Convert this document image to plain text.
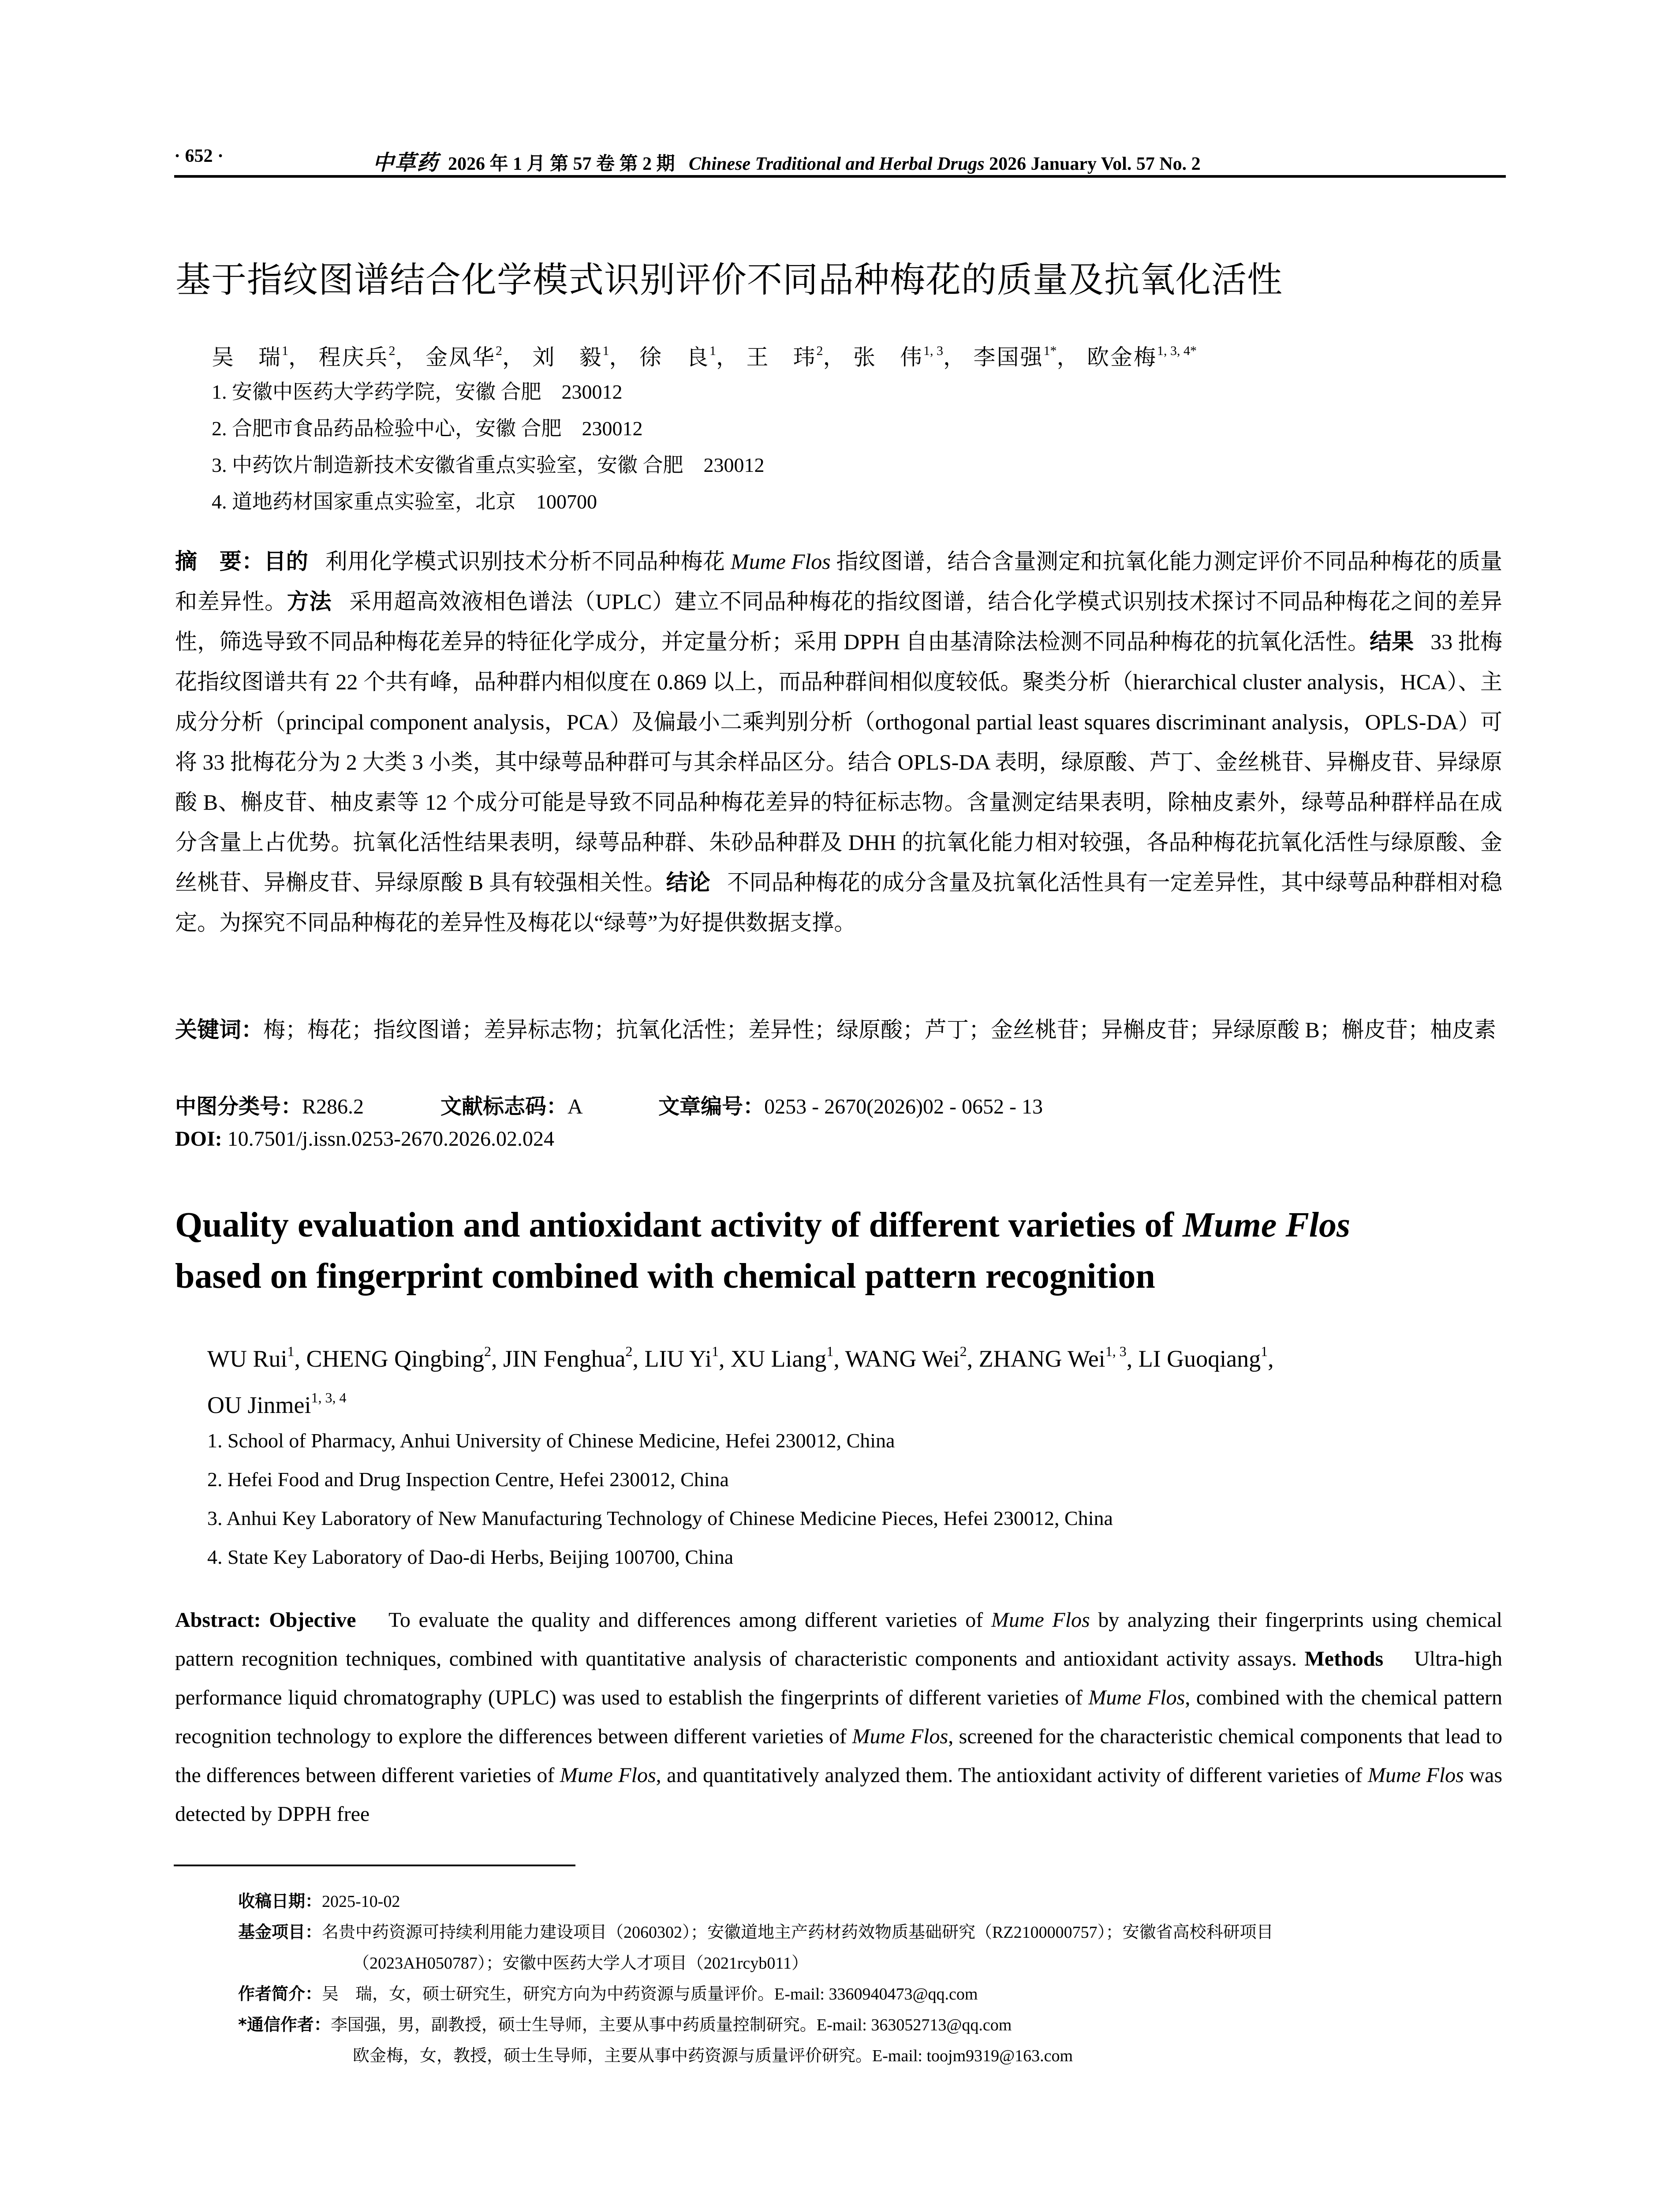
· 652 ·	中草药 2026 年 1 月 第 57 卷 第 2 期 Chinese Traditional and Herbal Drugs 2026 January Vol. 57 No. 2
基于指纹图谱结合化学模式识别评价不同品种梅花的质量及抗氧化活性
吴　瑞$^1$， 程庆兵$^2$， 金凤华$^2$， 刘　毅$^1$， 徐　良$^1$， 王　玮$^2$， 张　伟$^{1, 3}$， 李国强$^{1*}$， 欧金梅$^{1, 3, 4*}$
1. 安徽中医药大学药学院，安徽 合肥　230012
2. 合肥市食品药品检验中心，安徽 合肥　230012
3. 中药饮片制造新技术安徽省重点实验室，安徽 合肥　230012
4. 道地药材国家重点实验室，北京　100700
摘　要：目的 利用化学模式识别技术分析不同品种梅花 Mume Flos 指纹图谱，结合含量测定和抗氧化能力测定评价不同品种梅花的质量和差异性。方法 采用超高效液相色谱法（UPLC）建立不同品种梅花的指纹图谱，结合化学模式识别技术探讨不同品种梅花之间的差异性，筛选导致不同品种梅花差异的特征化学成分，并定量分析；采用 DPPH 自由基清除法检测不同品种梅花的抗氧化活性。结果 33 批梅花指纹图谱共有 22 个共有峰，品种群内相似度在 0.869 以上，而品种群间相似度较低。聚类分析（hierarchical cluster analysis，HCA）、主成分分析（principal component analysis，PCA）及偏最小二乘判别分析（orthogonal partial least squares discriminant analysis，OPLS-DA）可将 33 批梅花分为 2 大类 3 小类，其中绿萼品种群可与其余样品区分。结合 OPLS-DA 表明，绿原酸、芦丁、金丝桃苷、异槲皮苷、异绿原酸 B、槲皮苷、柚皮素等 12 个成分可能是导致不同品种梅花差异的特征标志物。含量测定结果表明，除柚皮素外，绿萼品种群样品在成分含量上占优势。抗氧化活性结果表明，绿萼品种群、朱砂品种群及 DHH 的抗氧化能力相对较强，各品种梅花抗氧化活性与绿原酸、金丝桃苷、异槲皮苷、异绿原酸 B 具有较强相关性。结论 不同品种梅花的成分含量及抗氧化活性具有一定差异性，其中绿萼品种群相对稳定。为探究不同品种梅花的差异性及梅花以“绿萼”为好提供数据支撑。
关键词：梅；梅花；指纹图谱；差异标志物；抗氧化活性；差异性；绿原酸；芦丁；金丝桃苷；异槲皮苷；异绿原酸 B；槲皮苷；柚皮素
中图分类号：R286.2	文献标志码：A	文章编号：0253 - 2670(2026)02 - 0652 - 13
DOI: 10.7501/j.issn.0253-2670.2026.02.024
Quality evaluation and antioxidant activity of different varieties of Mume Flos
based on fingerprint combined with chemical pattern recognition
WU Rui$^1$, CHENG Qingbing$^2$, JIN Fenghua$^2$, LIU Yi$^1$, XU Liang$^1$, WANG Wei$^2$, ZHANG Wei$^{1, 3}$, LI Guoqiang$^1$,
OU Jinmei$^{1, 3, 4}$
1. School of Pharmacy, Anhui University of Chinese Medicine, Hefei 230012, China
2. Hefei Food and Drug Inspection Centre, Hefei 230012, China
3. Anhui Key Laboratory of New Manufacturing Technology of Chinese Medicine Pieces, Hefei 230012, China
4. State Key Laboratory of Dao-di Herbs, Beijing 100700, China
Abstract: Objective To evaluate the quality and differences among different varieties of Mume Flos by analyzing their fingerprints using chemical pattern recognition techniques, combined with quantitative analysis of characteristic components and antioxidant activity assays. Methods Ultra-high performance liquid chromatography (UPLC) was used to establish the fingerprints of different varieties of Mume Flos, combined with the chemical pattern recognition technology to explore the differences between different varieties of Mume Flos, screened for the characteristic chemical components that lead to the differences between different varieties of Mume Flos, and quantitatively analyzed them. The antioxidant activity of different varieties of Mume Flos was detected by DPPH free
收稿日期：2025-10-02
基金项目：名贵中药资源可持续利用能力建设项目（2060302）；安徽道地主产药材药效物质基础研究（RZ2100000757）；安徽省高校科研项目
（2023AH050787）；安徽中医药大学人才项目（2021rcyb011）
作者简介：吴　瑞，女，硕士研究生，研究方向为中药资源与质量评价。E-mail: 3360940473@qq.com
*通信作者：李国强，男，副教授，硕士生导师，主要从事中药质量控制研究。E-mail: 363052713@qq.com
欧金梅，女，教授，硕士生导师，主要从事中药资源与质量评价研究。E-mail: toojm9319@163.com
